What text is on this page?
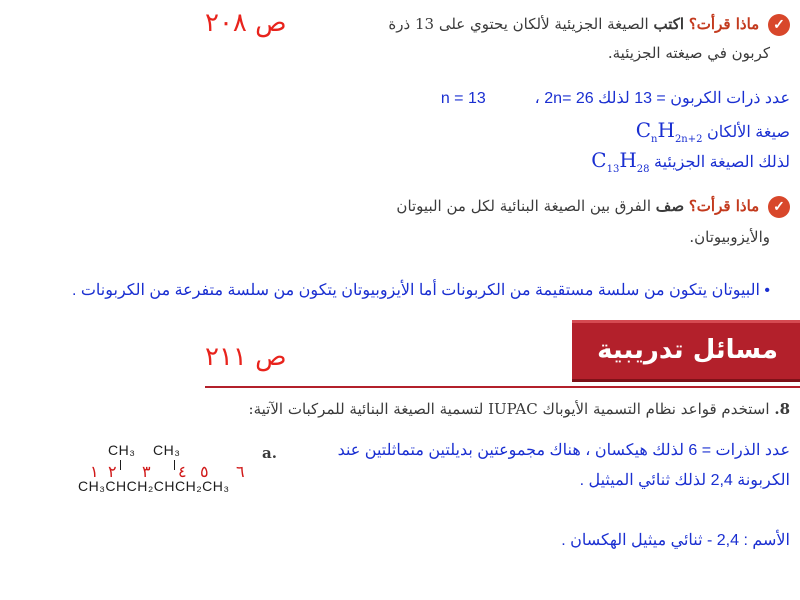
ص ٢٠٨	✓ ماذا قرأت؟ اكتب الصيغة الجزيئية لألكان يحتوي على 13 ذرة
كربون في صيغته الجزيئية.
عدد ذرات الكربون = 13 لذلك n = 13  ، 2n= 26
صيغة الألكان $C_nH_{2n+2}$
لذلك الصيغة الجزيئية $C_{13}H_{28}$
✓ ماذا قرأت؟ صف الفرق بين الصيغة البنائية لكل من البيوتان
والأيزوبيوتان.
• البيوتان يتكون من سلسة مستقيمة من الكربونات أما الأيزوبيوتان يتكون من سلسة متفرعة من الكربونات .
مسائل تدريبية
ص ٢١١
8. استخدم قواعد نظام التسمية الأيوباك IUPAC لتسمية الصيغة البنائية للمركبات الآتية:
a.
CH₃    CH₃
CH₃CHCH₂CHCH₂CH₃
١ ٢ ٣ ٤ ٥ ٦
عدد الذرات = 6 لذلك هيكسان ، هناك مجموعتين بديلتين متماثلتين عند
الكربونة 2,4 لذلك ثنائي الميثيل .
الأسم : 2,4 - ثنائي ميثيل الهكسان .
